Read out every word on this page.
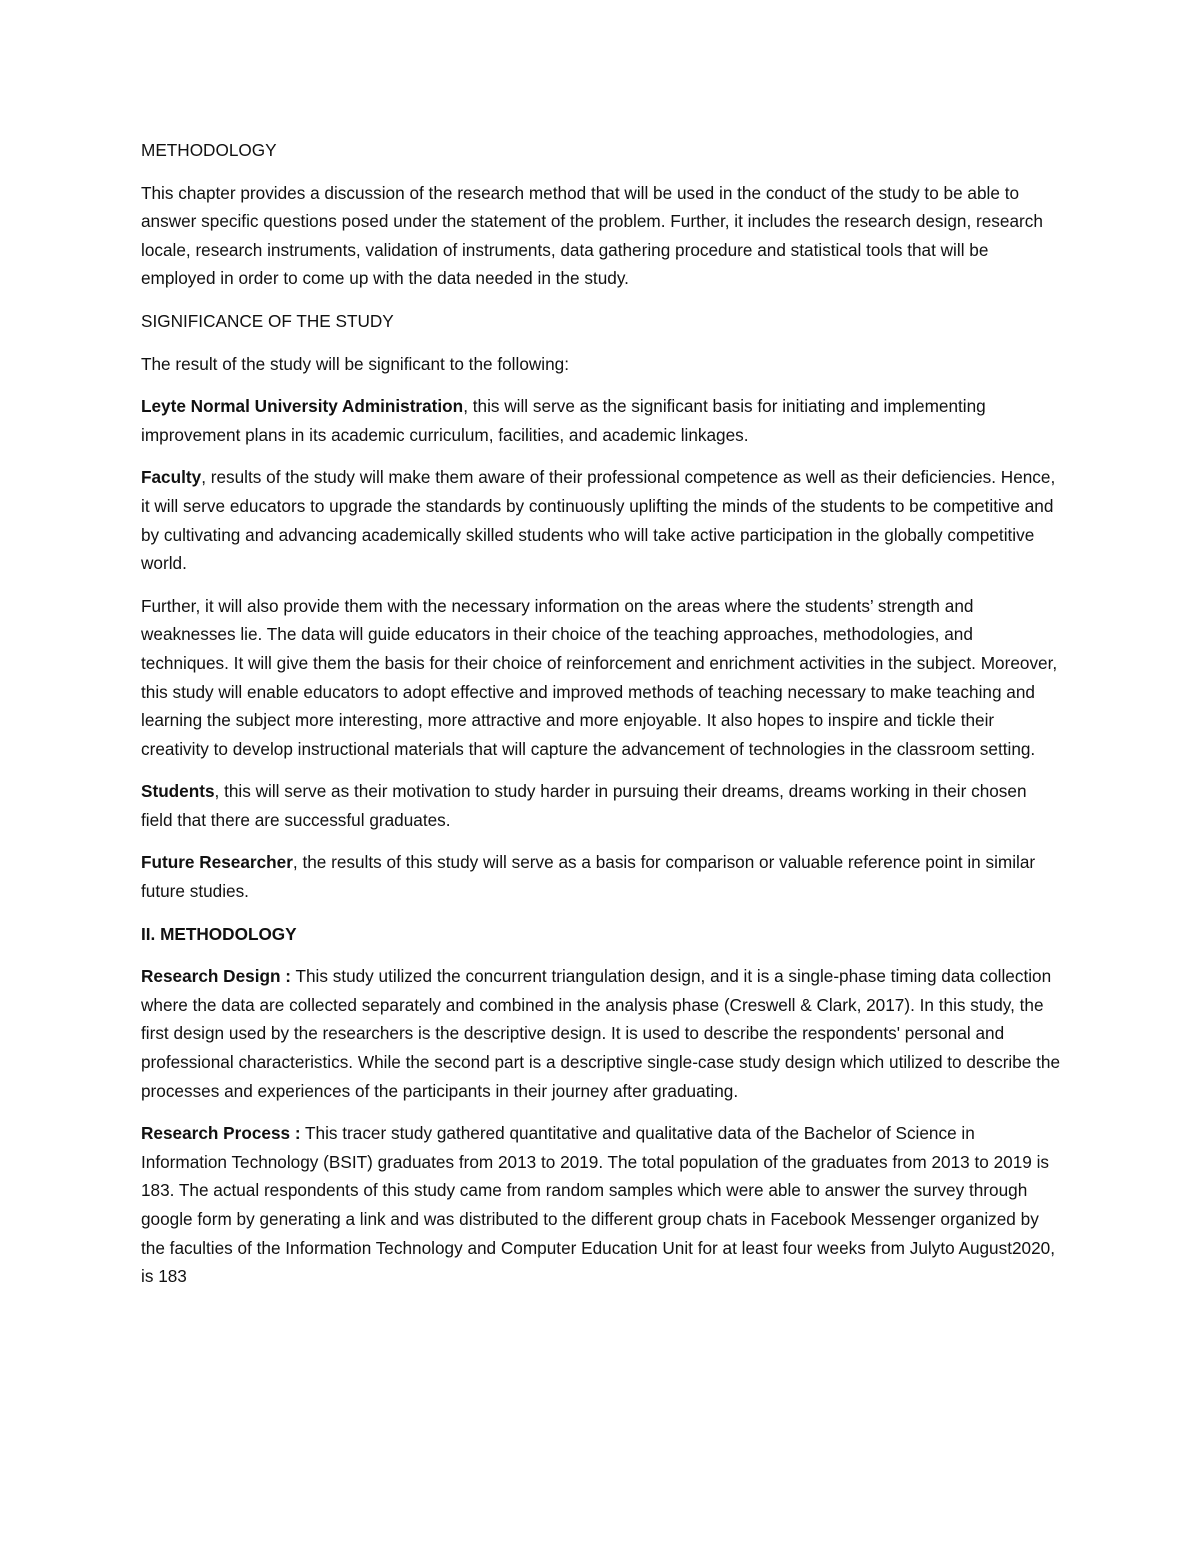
METHODOLOGY

This chapter provides a discussion of the research method that will be used in the conduct of the study to be able to answer specific questions posed under the statement of the problem. Further, it includes the research design, research locale, research instruments, validation of instruments, data gathering procedure and statistical tools that will be employed in order to come up with the data needed in the study.

SIGNIFICANCE OF THE STUDY

The result of the study will be significant to the following:

Leyte Normal University Administration, this will serve as the significant basis for initiating and implementing improvement plans in its academic curriculum, facilities, and academic linkages.

Faculty, results of the study will make them aware of their professional competence as well as their deficiencies. Hence, it will serve educators to upgrade the standards by continuously uplifting the minds of the students to be competitive and by cultivating and advancing academically skilled students who will take active participation in the globally competitive world.

Further, it will also provide them with the necessary information on the areas where the students’ strength and weaknesses lie. The data will guide educators in their choice of the teaching approaches, methodologies, and techniques. It will give them the basis for their choice of reinforcement and enrichment activities in the subject. Moreover, this study will enable educators to adopt effective and improved methods of teaching necessary to make teaching and learning the subject more interesting, more attractive and more enjoyable. It also hopes to inspire and tickle their creativity to develop instructional materials that will capture the advancement of technologies in the classroom setting.

Students, this will serve as their motivation to study harder in pursuing their dreams, dreams working in their chosen field that there are successful graduates.

Future Researcher, the results of this study will serve as a basis for comparison or valuable reference point in similar future studies.

II. METHODOLOGY

Research Design : This study utilized the concurrent triangulation design, and it is a single-phase timing data collection where the data are collected separately and combined in the analysis phase (Creswell & Clark, 2017). In this study, the first design used by the researchers is the descriptive design. It is used to describe the respondents' personal and professional characteristics. While the second part is a descriptive single-case study design which utilized to describe the processes and experiences of the participants in their journey after graduating.

Research Process : This tracer study gathered quantitative and qualitative data of the Bachelor of Science in Information Technology (BSIT) graduates from 2013 to 2019. The total population of the graduates from 2013 to 2019 is 183. The actual respondents of this study came from random samples which were able to answer the survey through google form by generating a link and was distributed to the different group chats in Facebook Messenger organized by the faculties of the Information Technology and Computer Education Unit for at least four weeks from Julyto August2020, is 183
